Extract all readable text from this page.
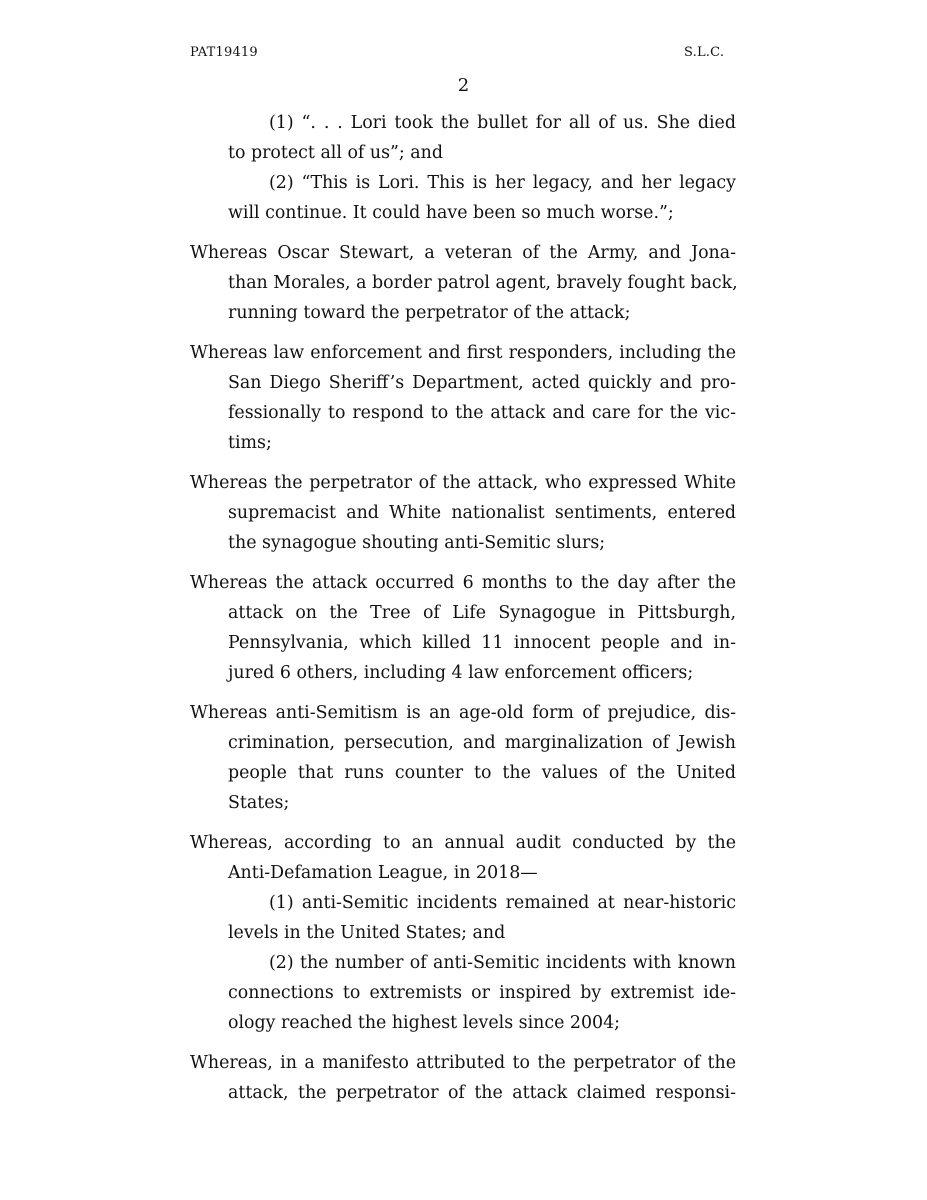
PAT19419	S.L.C.
2
(1) “. . . Lori took the bullet for all of us. She died
to protect all of us”; and
(2) “This is Lori. This is her legacy, and her legacy
will continue. It could have been so much worse.”;
Whereas Oscar Stewart, a veteran of the Army, and Jona-
than Morales, a border patrol agent, bravely fought back,
running toward the perpetrator of the attack;
Whereas law enforcement and first responders, including the
San Diego Sheriff’s Department, acted quickly and pro-
fessionally to respond to the attack and care for the vic-
tims;
Whereas the perpetrator of the attack, who expressed White
supremacist and White nationalist sentiments, entered
the synagogue shouting anti-Semitic slurs;
Whereas the attack occurred 6 months to the day after the
attack on the Tree of Life Synagogue in Pittsburgh,
Pennsylvania, which killed 11 innocent people and in-
jured 6 others, including 4 law enforcement officers;
Whereas anti-Semitism is an age-old form of prejudice, dis-
crimination, persecution, and marginalization of Jewish
people that runs counter to the values of the United
States;
Whereas, according to an annual audit conducted by the
Anti-Defamation League, in 2018—
(1) anti-Semitic incidents remained at near-historic
levels in the United States; and
(2) the number of anti-Semitic incidents with known
connections to extremists or inspired by extremist ide-
ology reached the highest levels since 2004;
Whereas, in a manifesto attributed to the perpetrator of the
attack, the perpetrator of the attack claimed responsi-
